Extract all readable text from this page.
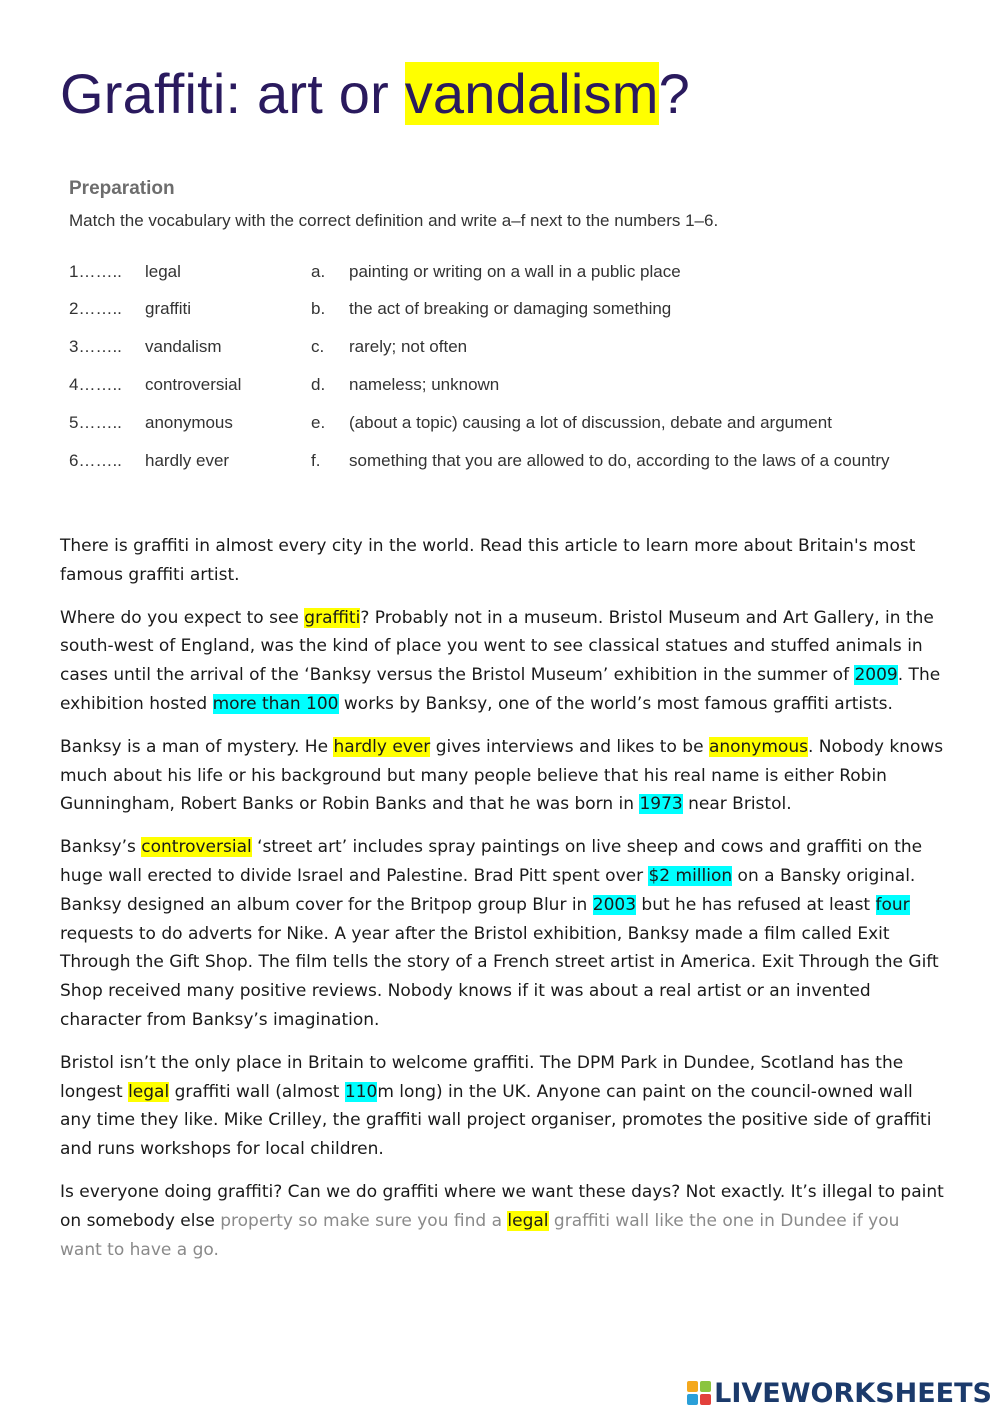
Graffiti: art or vandalism?
Preparation
Match the vocabulary with the correct definition and write a–f next to the numbers 1–6.
1…….. legal	a. painting or writing on a wall in a public place
2…….. graffiti	b. the act of breaking or damaging something
3…….. vandalism	c. rarely; not often
4…….. controversial	d. nameless; unknown
5…….. anonymous	e. (about a topic) causing a lot of discussion, debate and argument
6…….. hardly ever	f. something that you are allowed to do, according to the laws of a country

There is graffiti in almost every city in the world. Read this article to learn more about Britain's most famous graffiti artist.

Where do you expect to see graffiti? Probably not in a museum. Bristol Museum and Art Gallery, in the south-west of England, was the kind of place you went to see classical statues and stuffed animals in cases until the arrival of the ‘Banksy versus the Bristol Museum’ exhibition in the summer of 2009. The exhibition hosted more than 100 works by Banksy, one of the world’s most famous graffiti artists.

Banksy is a man of mystery. He hardly ever gives interviews and likes to be anonymous. Nobody knows much about his life or his background but many people believe that his real name is either Robin Gunningham, Robert Banks or Robin Banks and that he was born in 1973 near Bristol.

Banksy’s controversial ‘street art’ includes spray paintings on live sheep and cows and graffiti on the huge wall erected to divide Israel and Palestine. Brad Pitt spent over $2 million on a Bansky original. Banksy designed an album cover for the Britpop group Blur in 2003 but he has refused at least four requests to do adverts for Nike. A year after the Bristol exhibition, Banksy made a film called Exit Through the Gift Shop. The film tells the story of a French street artist in America. Exit Through the Gift Shop received many positive reviews. Nobody knows if it was about a real artist or an invented character from Banksy’s imagination.

Bristol isn’t the only place in Britain to welcome graffiti. The DPM Park in Dundee, Scotland has the longest legal graffiti wall (almost 110m long) in the UK. Anyone can paint on the council-owned wall any time they like. Mike Crilley, the graffiti wall project organiser, promotes the positive side of graffiti and runs workshops for local children.

Is everyone doing graffiti? Can we do graffiti where we want these days? Not exactly. It’s illegal to paint on somebody else property so make sure you find a legal graffiti wall like the one in Dundee if you want to have a go.

LIVEWORKSHEETS
